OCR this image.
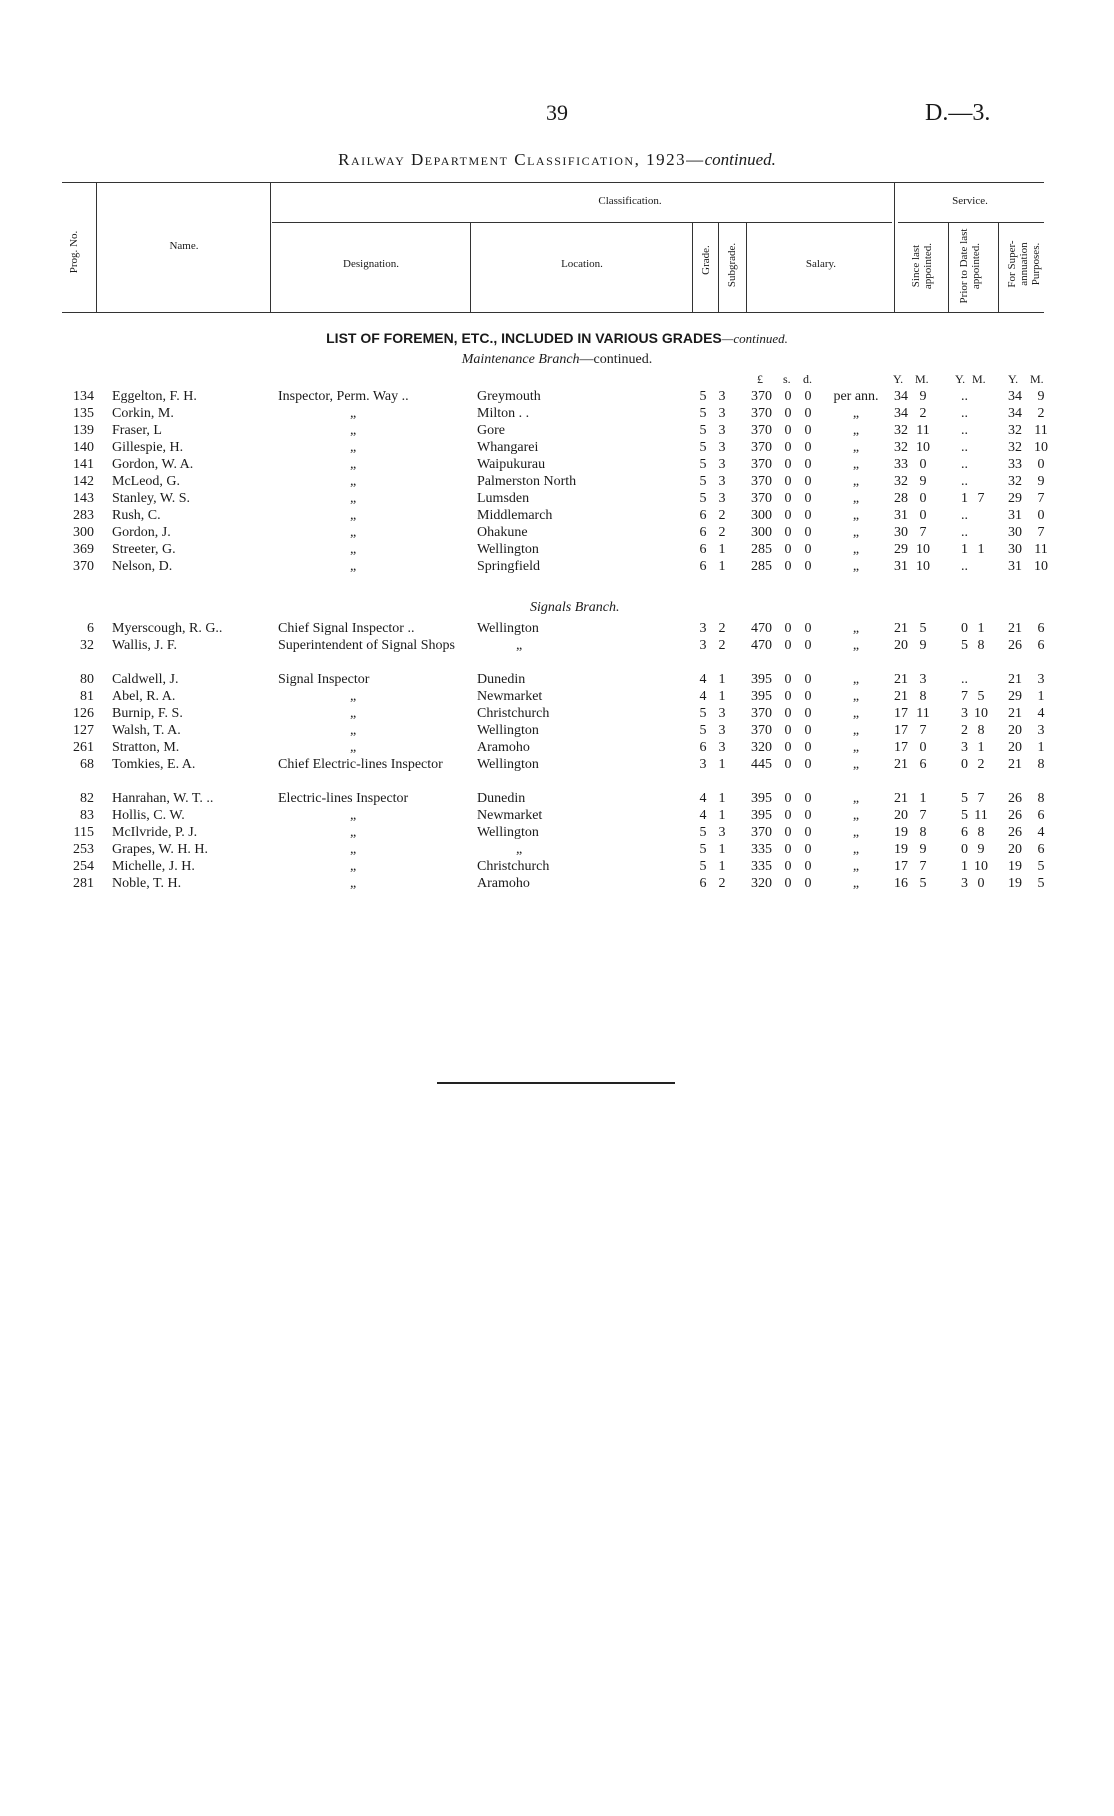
39	D.—3.
Railway Department Classification, 1923—continued.
Prog. No.	Name.
Classification.
Designation.	Location.	Grade. Subgrade.	Salary.
Service.
Since last appointed. Prior to Date last appointed. For Super-annuation Purposes.
LIST OF FOREMEN, ETC., INCLUDED IN VARIOUS GRADES—continued.
Maintenance Branch—continued.
£ s. d.	Y. M. Y. M. Y. M.
134 Eggelton, F. H.	Inspector, Perm. Way ..	Greymouth	5 3	370 0 0	per ann.	34 9	..	34	9
135 Corkin, M.	„	Milton . .	5 3	370 0 0	„	34 2	..	34	2
139 Fraser, L	„	Gore	5 3	370 0 0	„	32 11	..	32 11
140 Gillespie, H.	„	Whangarei	5 3	370 0 0	„	32 10	..	32 10
141 Gordon, W. A.	„	Waipukurau	5 3	370 0 0	„	33 0	..	33	0
142 McLeod, G.	„	Palmerston North	5 3	370 0 0	„	32 9	..	32	9
143 Stanley, W. S.	„	Lumsden	5 3	370 0 0	„	28 0	1 7	29	7
283 Rush, C.	„	Middlemarch	6 2	300 0 0	„	31 0	..	31	0
300 Gordon, J.	„	Ohakune	6 2	300 0 0	„	30 7	..	30	7
369 Streeter, G.	„	Wellington	6 1	285 0 0	„	29 10	1 1	30 11
370 Nelson, D.	„	Springfield	6 1	285 0 0	„	31 10	..	31 10
Signals Branch.
6 Myerscough, R. G..	Chief Signal Inspector ..	Wellington	3 2	470 0 0	„	21 5	0 1	21	6
32 Wallis, J. F.	Superintendent of Signal Shops	„	3 2	470 0 0	„	20 9	5 8	26	6
80 Caldwell, J.	Signal Inspector	Dunedin	4 1	395 0 0	„	21 3	..	21	3
81 Abel, R. A.	„	Newmarket	4 1	395 0 0	„	21 8	7 5	29	1
126 Burnip, F. S.	„	Christchurch	5 3	370 0 0	„	17 11	3 10	21	4
127 Walsh, T. A.	„	Wellington	5 3	370 0 0	„	17 7	2 8	20	3
261 Stratton, M.	„	Aramoho	6 3	320 0 0	„	17 0	3 1	20	1
68 Tomkies, E. A.	Chief Electric-lines Inspector	Wellington	3 1	445 0 0	„	21 6	0 2	21	8
82 Hanrahan, W. T. ..	Electric-lines Inspector	Dunedin	4 1	395 0 0	„	21 1	5 7	26	8
83 Hollis, C. W.	„	Newmarket	4 1	395 0 0	„	20 7	5 11	26	6
115 McIlvride, P. J.	„	Wellington	5 3	370 0 0	„	19 8	6 8	26	4
253 Grapes, W. H. H.	„	„	5 1	335 0 0	„	19 9	0 9	20	6
254 Michelle, J. H.	„	Christchurch	5 1	335 0 0	„	17 7	1 10	19	5
281 Noble, T. H.	„	Aramoho	6 2	320 0 0	„	16 5	3 0	19	5
